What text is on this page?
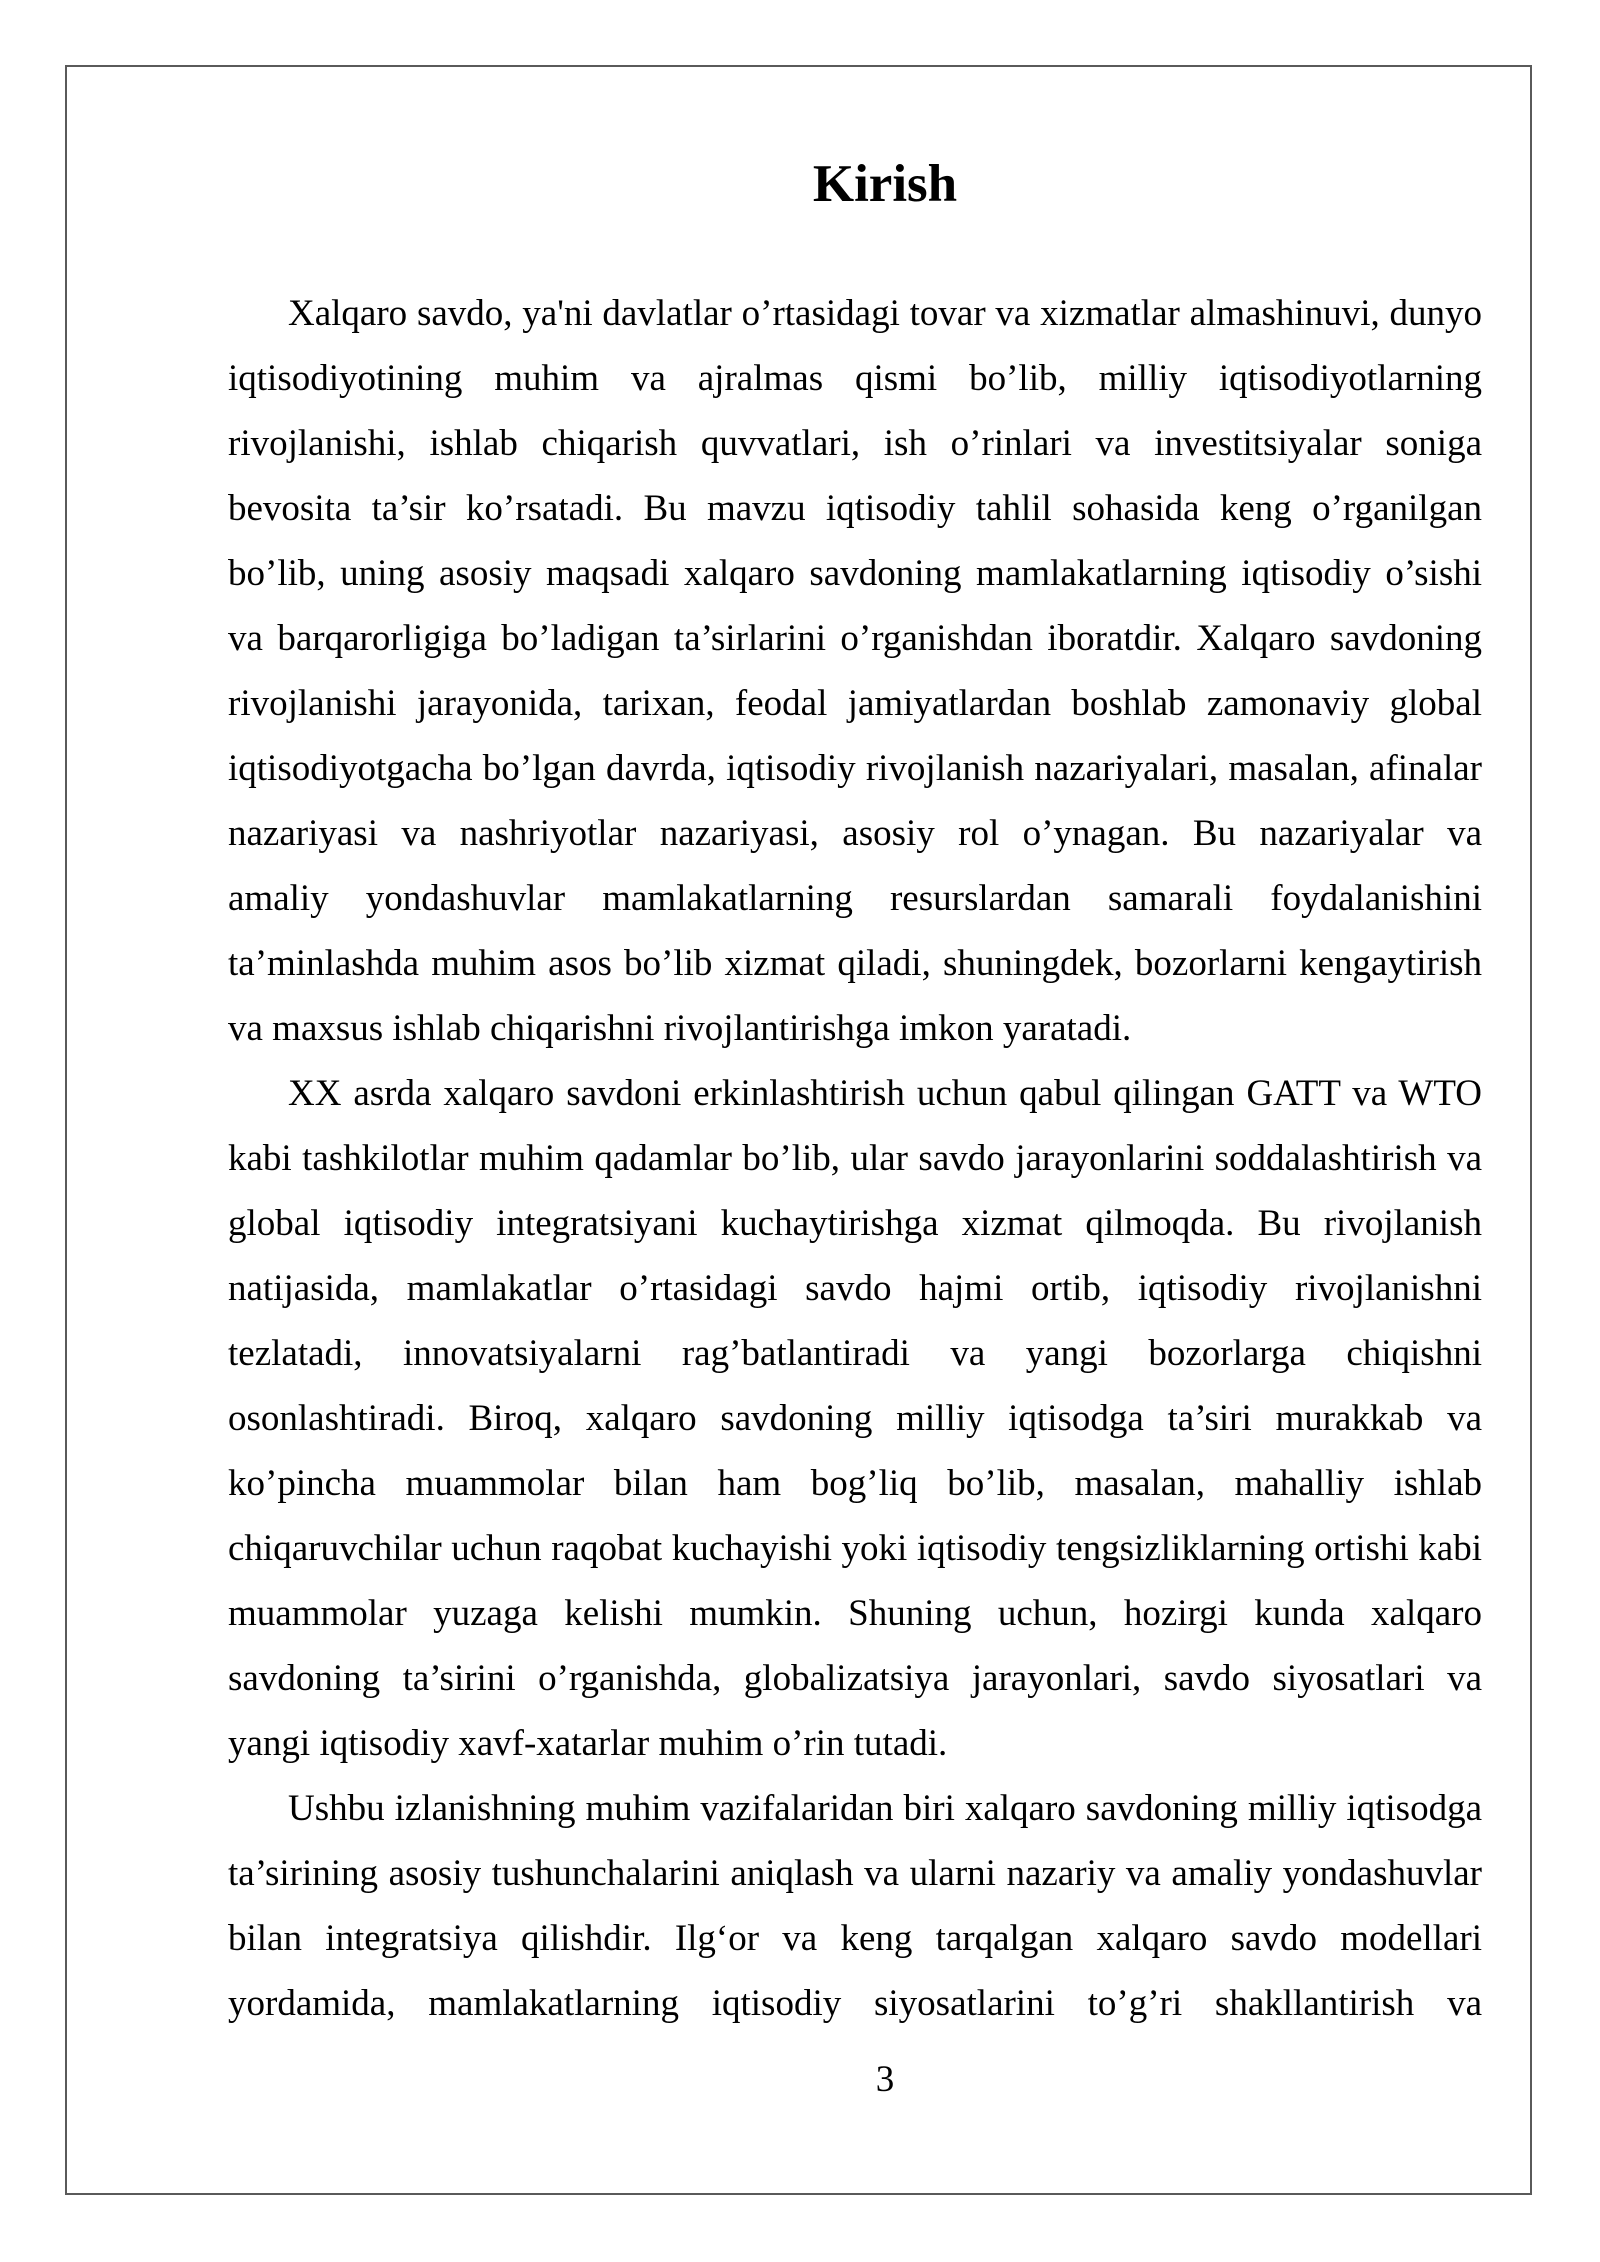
Kirish
Xalqaro savdo, ya'ni davlatlar o’rtasidagi tovar va xizmatlar almashinuvi, dunyo
iqtisodiyotining muhim va ajralmas qismi bo’lib, milliy iqtisodiyotlarning
rivojlanishi, ishlab chiqarish quvvatlari, ish o’rinlari va investitsiyalar soniga
bevosita ta’sir ko’rsatadi. Bu mavzu iqtisodiy tahlil sohasida keng o’rganilgan
bo’lib, uning asosiy maqsadi xalqaro savdoning mamlakatlarning iqtisodiy o’sishi
va barqarorligiga bo’ladigan ta’sirlarini o’rganishdan iboratdir. Xalqaro savdoning
rivojlanishi jarayonida, tarixan, feodal jamiyatlardan boshlab zamonaviy global
iqtisodiyotgacha bo’lgan davrda, iqtisodiy rivojlanish nazariyalari, masalan, afinalar
nazariyasi va nashriyotlar nazariyasi, asosiy rol o’ynagan. Bu nazariyalar va
amaliy yondashuvlar mamlakatlarning resurslardan samarali foydalanishini
ta’minlashda muhim asos bo’lib xizmat qiladi, shuningdek, bozorlarni kengaytirish
va maxsus ishlab chiqarishni rivojlantirishga imkon yaratadi.
XX asrda xalqaro savdoni erkinlashtirish uchun qabul qilingan GATT va WTO
kabi tashkilotlar muhim qadamlar bo’lib, ular savdo jarayonlarini soddalashtirish va
global iqtisodiy integratsiyani kuchaytirishga xizmat qilmoqda. Bu rivojlanish
natijasida, mamlakatlar o’rtasidagi savdo hajmi ortib, iqtisodiy rivojlanishni
tezlatadi, innovatsiyalarni rag’batlantiradi va yangi bozorlarga chiqishni
osonlashtiradi. Biroq, xalqaro savdoning milliy iqtisodga ta’siri murakkab va
ko’pincha muammolar bilan ham bog’liq bo’lib, masalan, mahalliy ishlab
chiqaruvchilar uchun raqobat kuchayishi yoki iqtisodiy tengsizliklarning ortishi kabi
muammolar yuzaga kelishi mumkin. Shuning uchun, hozirgi kunda xalqaro
savdoning ta’sirini o’rganishda, globalizatsiya jarayonlari, savdo siyosatlari va
yangi iqtisodiy xavf-xatarlar muhim o’rin tutadi.
Ushbu izlanishning muhim vazifalaridan biri xalqaro savdoning milliy iqtisodga
ta’sirining asosiy tushunchalarini aniqlash va ularni nazariy va amaliy yondashuvlar
bilan integratsiya qilishdir. Ilg‘or va keng tarqalgan xalqaro savdo modellari
yordamida, mamlakatlarning iqtisodiy siyosatlarini to’g’ri shakllantirish va
3
